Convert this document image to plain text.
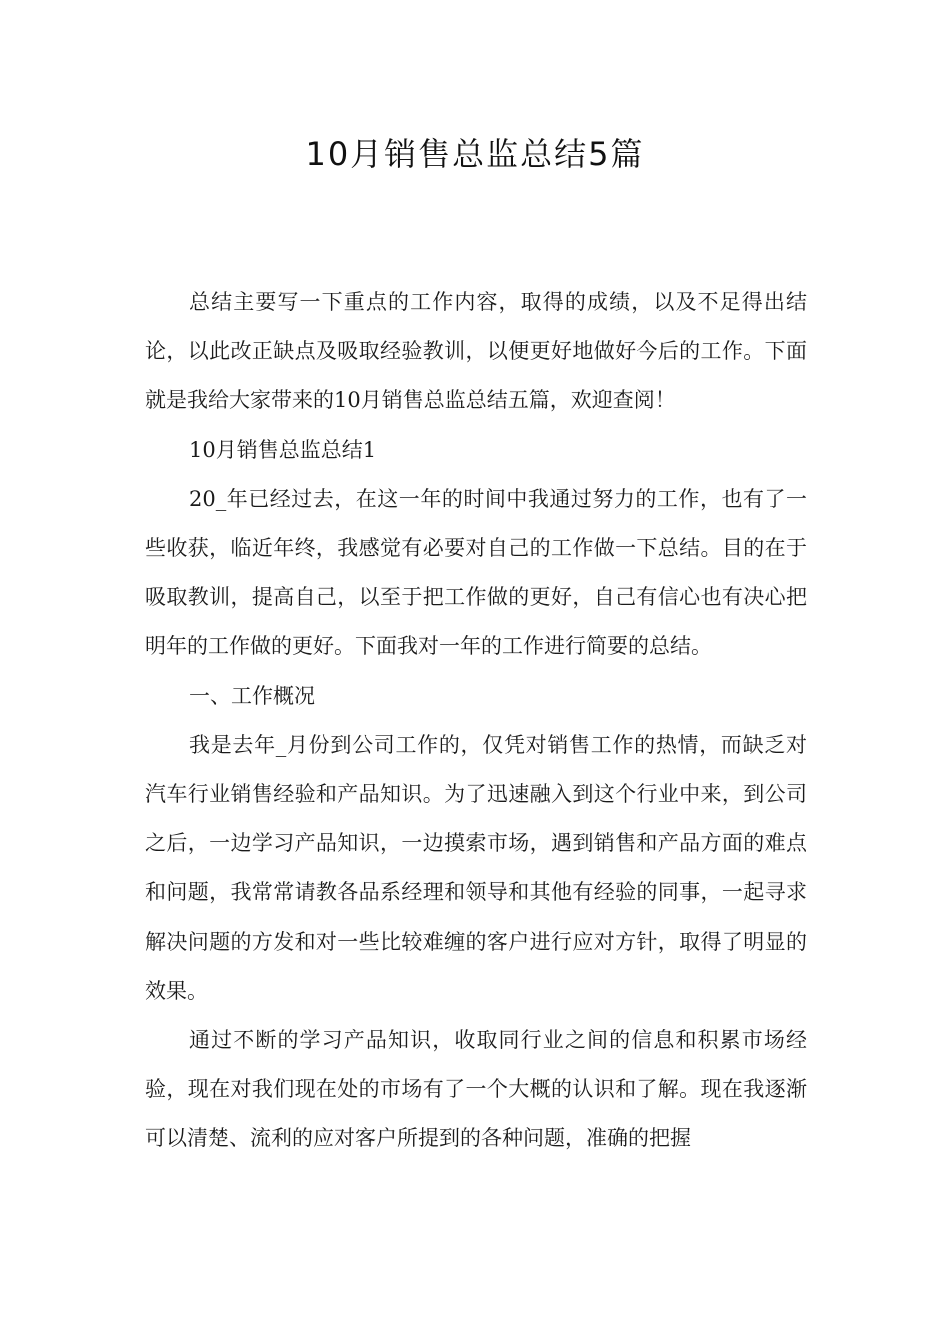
10月销售总监总结5篇

总结主要写一下重点的工作内容，取得的成绩，以及不足得出结论，以此改正缺点及吸取经验教训，以便更好地做好今后的工作。下面就是我给大家带来的10月销售总监总结五篇，欢迎查阅！

10月销售总监总结1

20_年已经过去，在这一年的时间中我通过努力的工作，也有了一些收获，临近年终，我感觉有必要对自己的工作做一下总结。目的在于吸取教训，提高自己，以至于把工作做的更好，自己有信心也有决心把明年的工作做的更好。下面我对一年的工作进行简要的总结。

一、工作概况

我是去年_月份到公司工作的，仅凭对销售工作的热情，而缺乏对汽车行业销售经验和产品知识。为了迅速融入到这个行业中来，到公司之后，一边学习产品知识，一边摸索市场，遇到销售和产品方面的难点和问题，我常常请教各品系经理和领导和其他有经验的同事，一起寻求解决问题的方发和对一些比较难缠的客户进行应对方针，取得了明显的效果。

通过不断的学习产品知识，收取同行业之间的信息和积累市场经验，现在对我们现在处的市场有了一个大概的认识和了解。现在我逐渐可以清楚、流利的应对客户所提到的各种问题，准确的把握
